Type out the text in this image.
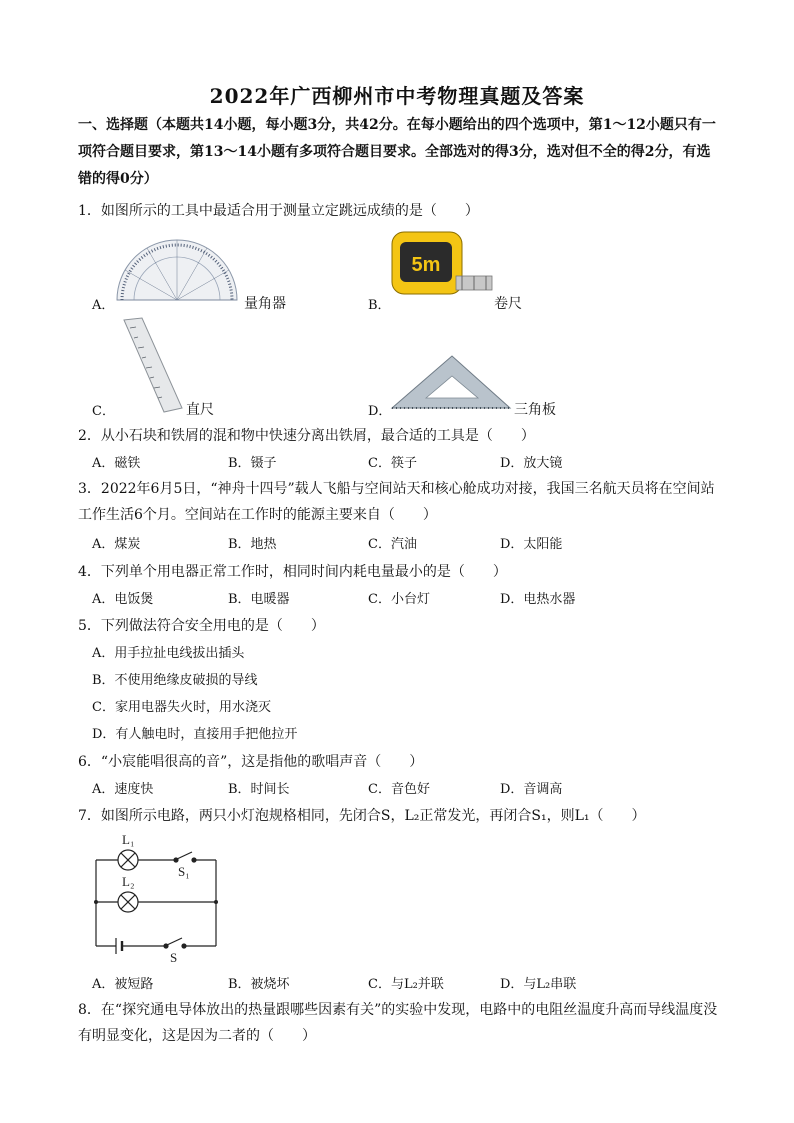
2022年广西柳州市中考物理真题及答案
一、选择题（本题共14小题，每小题3分，共42分。在每小题给出的四个选项中，第1～12小题只有一项符合题目要求，第13～14小题有多项符合题目要求。全部选对的得3分，选对但不全的得2分，有选错的得0分）
1．如图所示的工具中最适合用于测量立定跳远成绩的是（　　）
A．	量角器	B．
5m
卷尺
C．	直尺	D．	三角板
2．从小石块和铁屑的混和物中快速分离出铁屑，最合适的工具是（　　）
A．磁铁	B．镊子	C．筷子	D．放大镜
3．2022年6月5日，“神舟十四号”载人飞船与空间站天和核心舱成功对接，我国三名航天员将在空间站工作生活6个月。空间站在工作时的能源主要来自（　　）
A．煤炭	B．地热	C．汽油	D．太阳能
4．下列单个用电器正常工作时，相同时间内耗电量最小的是（　　）
A．电饭煲	B．电暖器	C．小台灯	D．电热水器
5．下列做法符合安全用电的是（　　）
A．用手拉扯电线拔出插头
B．不使用绝缘皮破损的导线
C．家用电器失火时，用水浇灭
D．有人触电时，直接用手把他拉开
6．“小宸能唱很高的音”，这是指他的歌唱声音（　　）
A．速度快	B．时间长	C．音色好	D．音调高
7．如图所示电路，两只小灯泡规格相同，先闭合S，L₂正常发光，再闭合S₁，则L₁（　　）
L₁
L₂
S₁
S
A．被短路	B．被烧坏	C．与L₂并联	D．与L₂串联
8．在“探究通电导体放出的热量跟哪些因素有关”的实验中发现，电路中的电阻丝温度升高而导线温度没有明显变化，这是因为二者的（　　）
